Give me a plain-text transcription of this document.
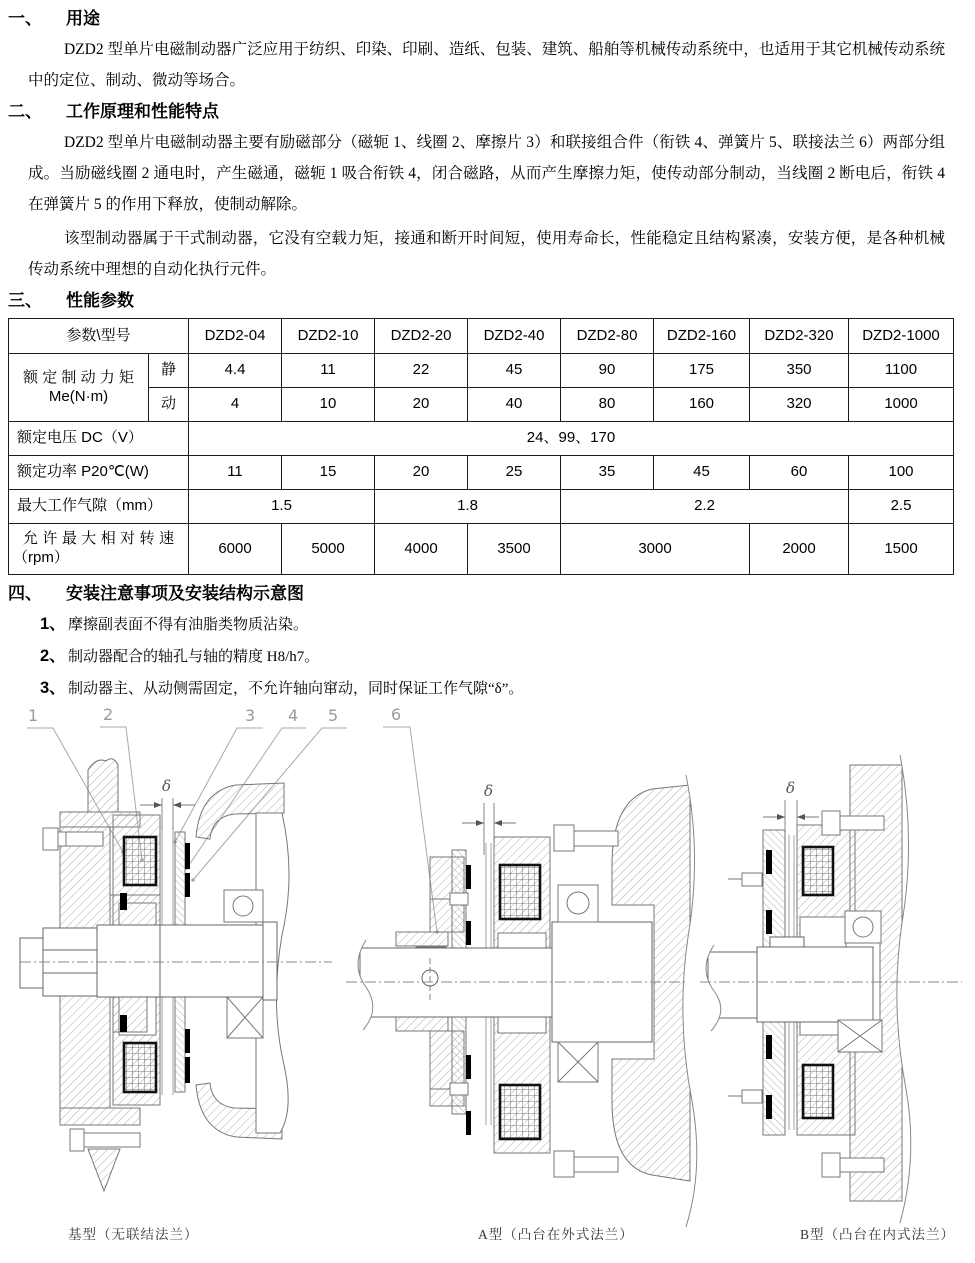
一、 用途

DZD2 型单片电磁制动器广泛应用于纺织、印染、印刷、造纸、包装、建筑、船舶等机械传动系统中，也适用于其它机械传动系统中的定位、制动、微动等场合。

二、 工作原理和性能特点

DZD2 型单片电磁制动器主要有励磁部分（磁轭 1、线圈 2、摩擦片 3）和联接组合件（衔铁 4、弹簧片 5、联接法兰 6）两部分组成。当励磁线圈 2 通电时，产生磁通，磁轭 1 吸合衔铁 4，闭合磁路，从而产生摩擦力矩，使传动部分制动，当线圈 2 断电后，衔铁 4 在弹簧片 5 的作用下释放，使制动解除。

该型制动器属于干式制动器，它没有空载力矩，接通和断开时间短，使用寿命长，性能稳定且结构紧凑，安装方便，是各种机械传动系统中理想的自动化执行元件。

三、 性能参数
参数\型号		DZD2-04	DZD2-10	DZD2-20	DZD2-40	DZD2-80	DZD2-160	DZD2-320	DZD2-1000

额定制动力矩
Me(N·m)	静	4.4	11	22	45	90	175	350	1100
	动	4	10	20	40	80	160	320	1000
额定电压 DC（V）		24、99、170							
额定功率 P20℃(W)		11	15	20	25	35	45	60	100
最大工作气隙（mm）		1.5		1.8		2.2			2.5

允许最大相对转速
（rpm）		6000	5000	4000	3500	3000		2000	1500
四、 安装注意事项及安装结构示意图
1、 摩擦副表面不得有油脂类物质沾染。
2、 制动器配合的轴孔与轴的精度 H8/h7。
3、 制动器主、从动侧需固定，不允许轴向窜动，同时保证工作气隙“δ”。
1	2	3 4 5	6
δ	δ	δ
基型（无联结法兰）	A型（凸台在外式法兰）	B型（凸台在内式法兰）
